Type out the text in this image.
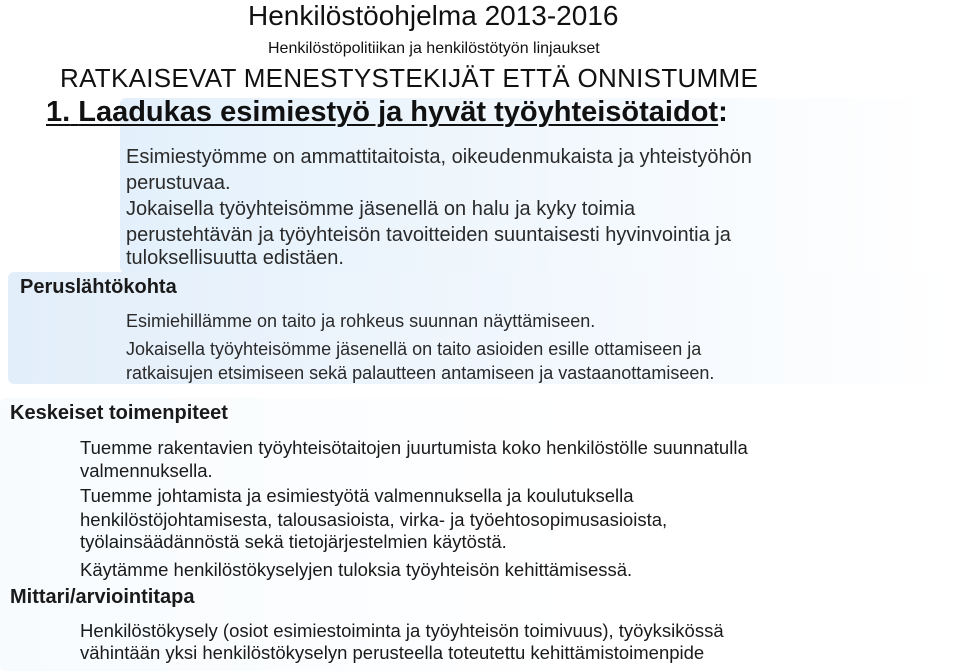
Henkilöstöohjelma 2013-2016
Henkilöstöpolitiikan ja henkilöstötyön linjaukset
RATKAISEVAT MENESTYSTEKIJÄT ETTÄ ONNISTUMME
1. Laadukas esimiestyö ja hyvät työyhteisötaidot:
Esimiestyömme on ammattitaitoista, oikeudenmukaista ja yhteistyöhön
perustuvaa.
Jokaisella työyhteisömme jäsenellä on halu ja kyky toimia
perustehtävän ja työyhteisön tavoitteiden suuntaisesti hyvinvointia ja
tuloksellisuutta edistäen.
Peruslähtökohta
Esimiehillämme on taito ja rohkeus suunnan näyttämiseen.
Jokaisella työyhteisömme jäsenellä on taito asioiden esille ottamiseen ja
ratkaisujen etsimiseen sekä palautteen antamiseen ja vastaanottamiseen.
Keskeiset toimenpiteet
Tuemme rakentavien työyhteisötaitojen juurtumista koko henkilöstölle suunnatulla
valmennuksella.
Tuemme johtamista ja esimiestyötä valmennuksella ja koulutuksella
henkilöstöjohtamisesta, talousasioista, virka- ja työehtosopimusasioista,
työlainsäädännöstä sekä tietojärjestelmien käytöstä.
Käytämme henkilöstökyselyjen tuloksia työyhteisön kehittämisessä.
Mittari/arviointitapa
Henkilöstökysely (osiot esimiestoiminta ja työyhteisön toimivuus), työyksikössä
vähintään yksi henkilöstökyselyn perusteella toteutettu kehittämistoimenpide
